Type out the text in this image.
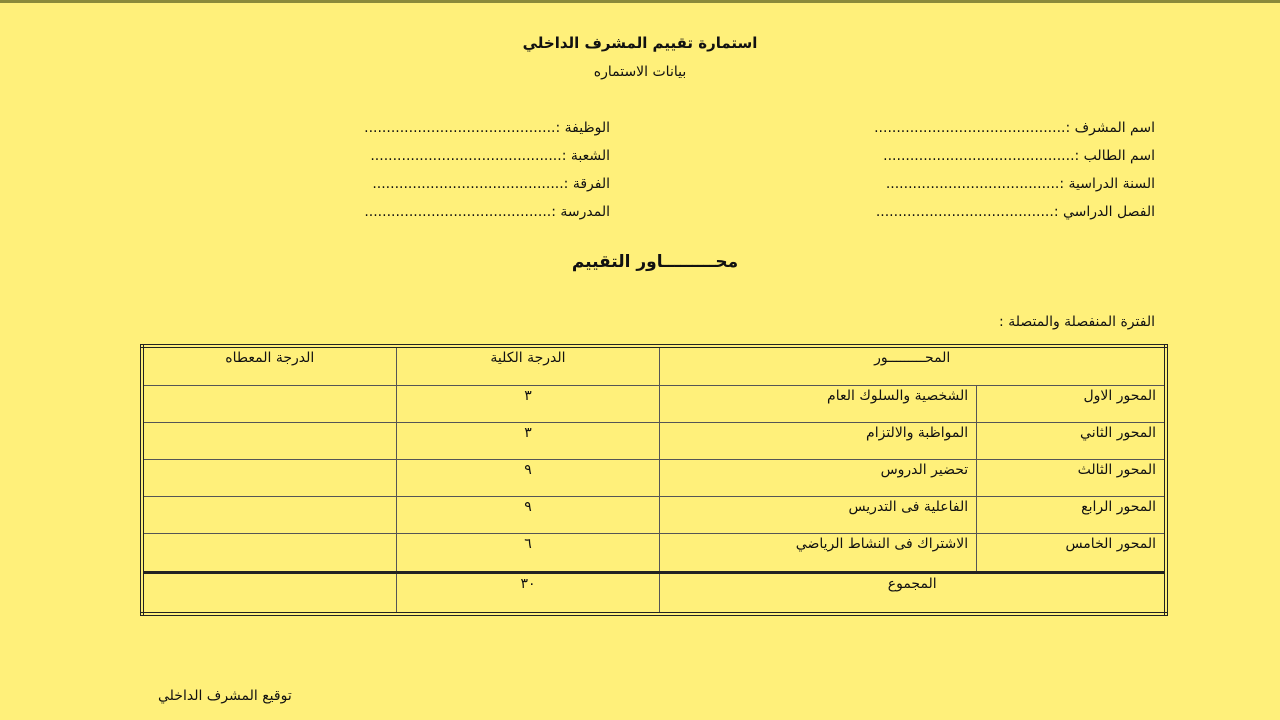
استمارة تقييم المشرف الداخلي
بيانات الاستماره
اسم المشرف :...........................................
الوظيفة :...........................................
اسم الطالب :...........................................
الشعبة :...........................................
السنة الدراسية :.......................................
الفرقة :...........................................
الفصل الدراسي :........................................
المدرسة :..........................................
محـــــــــاور التقييم
الفترة المنفصلة والمتصلة :
المحـــــــــور		الدرجة الكلية	الدرجة المعطاه
المحور الاول	الشخصية والسلوك العام	٣	
المحور الثاني	المواظبة والالتزام	٣	
المحور الثالث	تحضير الدروس	٩	
المحور الرابع	الفاعلية فى التدريس	٩	
المحور الخامس	الاشتراك فى النشاط الرياضي	٦	
المجموع		٣٠	
توقيع المشرف الداخلي
